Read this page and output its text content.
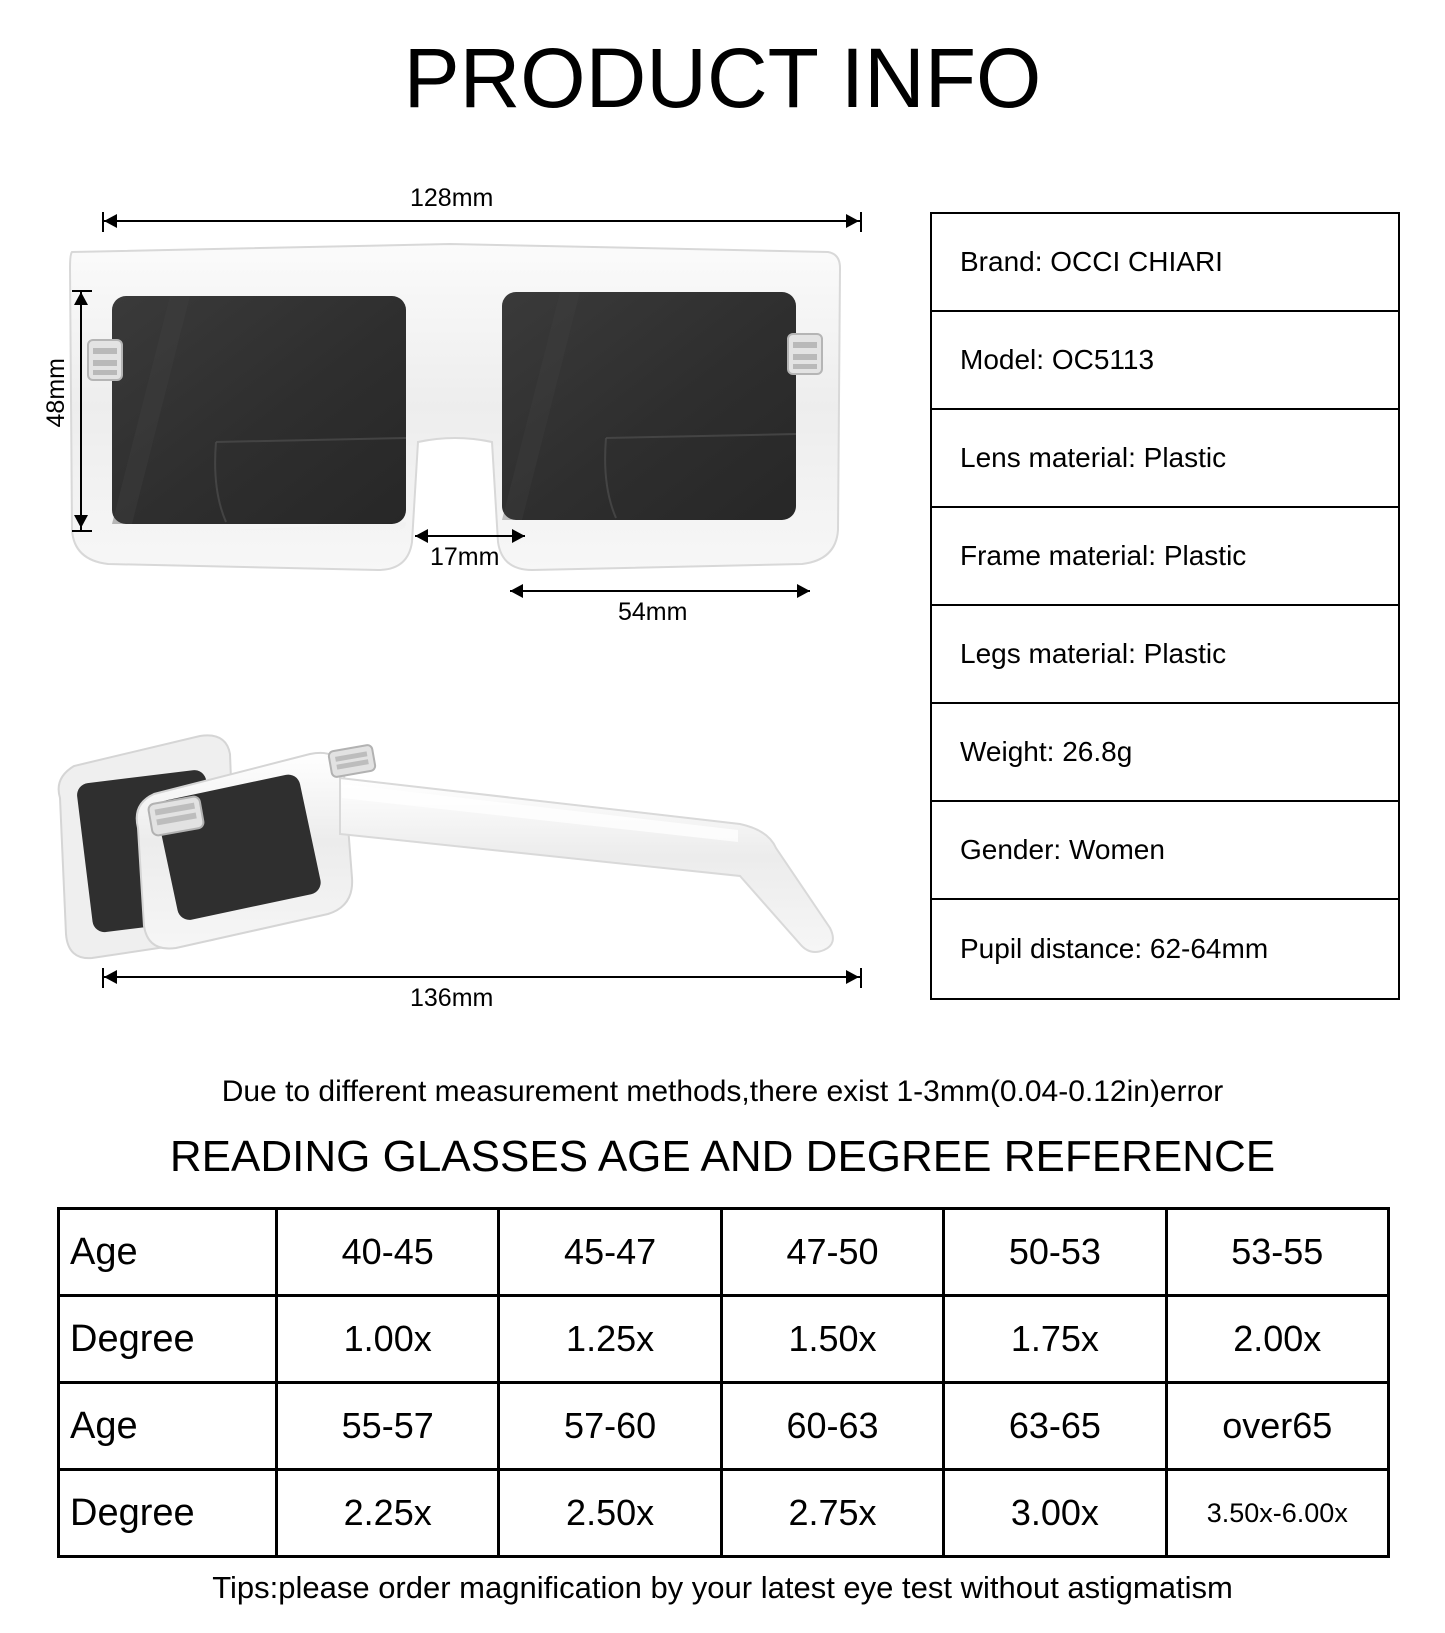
PRODUCT INFO
128mm
48mm
17mm
54mm
136mm
Brand: OCCI CHIARI
Model: OC5113
Lens material: Plastic
Frame material: Plastic
Legs material: Plastic
Weight: 26.8g
Gender: Women
Pupil distance: 62-64mm
Due to different measurement methods,there exist 1-3mm(0.04-0.12in)error
READING GLASSES AGE AND DEGREE REFERENCE
Age	40-45	45-47	47-50	50-53	53-55
Degree	1.00x	1.25x	1.50x	1.75x	2.00x
Age	55-57	57-60	60-63	63-65	over65
Degree	2.25x	2.50x	2.75x	3.00x	3.50x-6.00x
Tips:please order magnification by your latest eye test without astigmatism
